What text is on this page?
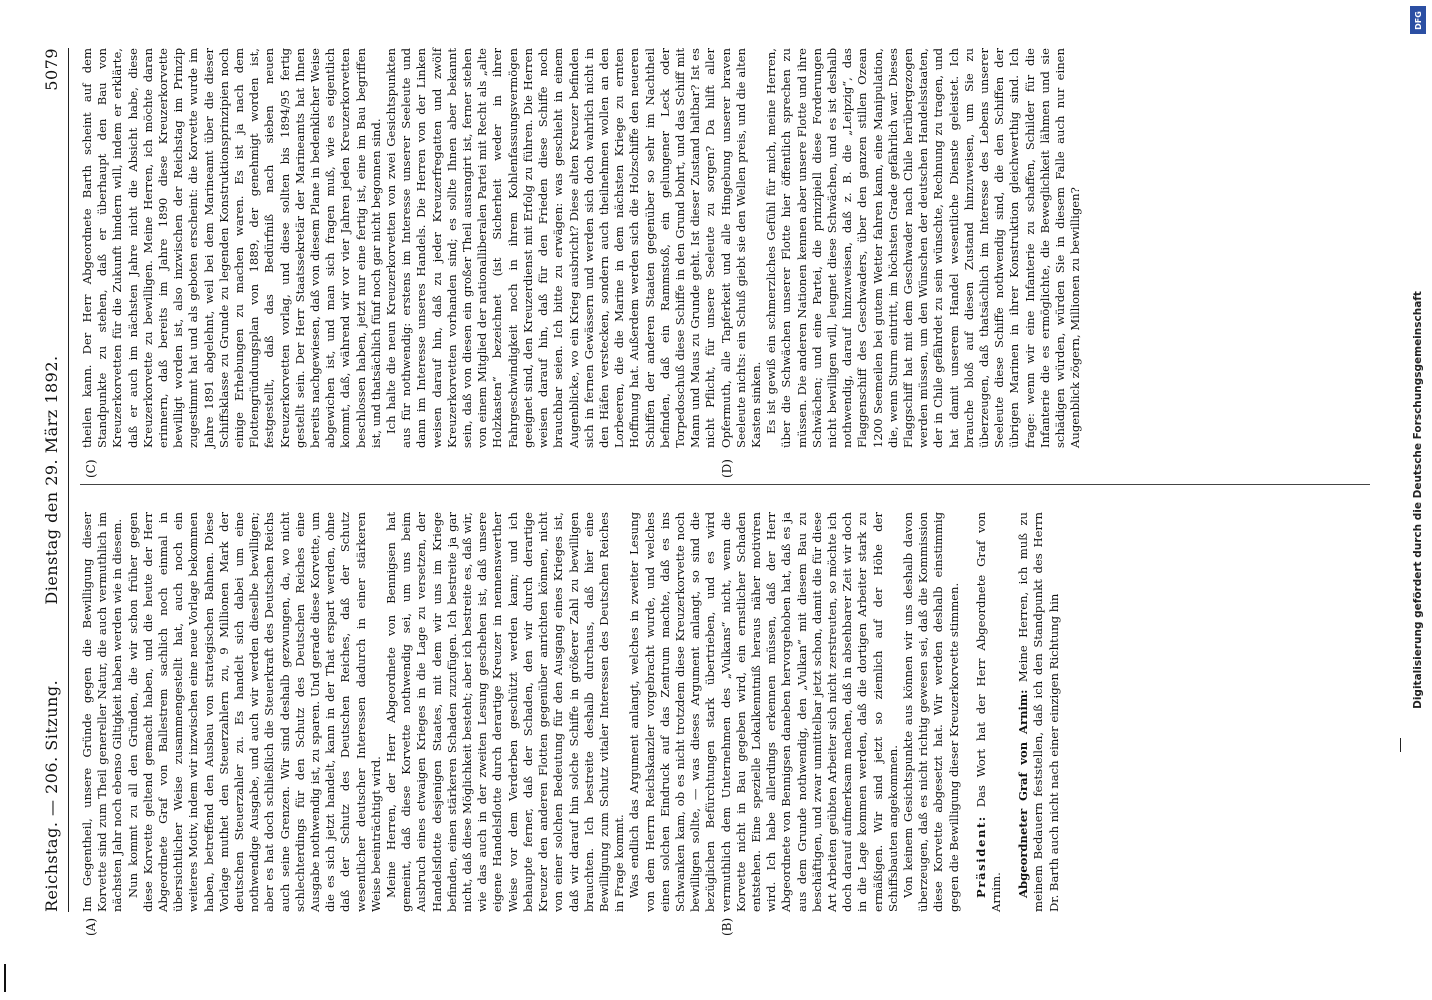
Reichstag. — 206. Sitzung.
Dienstag den 29. März 1892.
5079
(A)	(B)
(C)	(D)

Im Gegentheil, unsere Gründe gegen die Bewilligung dieser Korvette sind zum Theil genereller Natur, die auch vermuthlich im nächsten Jahr noch ebenso Giltigkeit haben werden wie in diesem. Nun kommt zu all den Gründen, die wir schon früher gegen diese Korvette geltend gemacht haben, und die heute der Herr Abgeordnete Graf von Ballestrem sachlich noch einmal in übersichtlicher Weise zusammengestellt hat, auch noch ein weiteres Motiv, indem wir inzwischen eine neue Vorlage bekommen haben, betreffend den Ausbau von strategischen Bahnen. Diese Vorlage muthet den Steuerzahlern zu, 9 Millionen Mark der deutschen Steuerzahler zu. Es handelt sich dabei um eine nothwendige Ausgabe, und auch wir werden dieselbe bewilligen; aber es hat doch schließlich die Steuerkraft des Deutschen Reichs auch seine Grenzen. Wir sind deshalb gezwungen, da, wo nicht schlechterdings für den Schutz des Deutschen Reiches eine Ausgabe nothwendig ist, zu sparen. Und gerade diese Korvette, um die es sich jetzt handelt, kann in der That erspart werden, ohne daß der Schutz des Deutschen Reiches, daß der Schutz wesentlicher deutscher Interessen dadurch in einer stärkeren Weise beeinträchtigt wird. Meine Herren, der Herr Abgeordnete von Bennigsen hat gemeint, daß diese Korvette nothwendig sei, um uns beim Ausbruch eines etwaigen Krieges in die Lage zu versetzen, der Handelsflotte desjenigen Staates, mit dem wir uns im Kriege befinden, einen stärkeren Schaden zuzufügen. Ich bestreite ja gar nicht, daß diese Möglichkeit besteht; aber ich bestreite es, daß wir, wie das auch in der zweiten Lesung geschehen ist, daß unsere eigene Handelsflotte durch derartige Kreuzer in nennenswerther Weise vor dem Verderben geschützt werden kann; und ich behaupte ferner, daß der Schaden, den wir durch derartige Kreuzer den anderen Flotten gegenüber anrichten können, nicht von einer solchen Bedeutung für den Ausgang eines Krieges ist, daß wir darauf hin solche Schiffe in größerer Zahl zu bewilligen brauchten. Ich bestreite deshalb durchaus, daß hier eine Bewilligung zum Schutz vitaler Interessen des Deutschen Reiches in Frage kommt. Was endlich das Argument anlangt, welches in zweiter Lesung von dem Herrn Reichskanzler vorgebracht wurde, und welches einen solchen Eindruck auf das Zentrum machte, daß es ins Schwanken kam, ob es nicht trotzdem diese Kreuzerkorvette noch bewilligen sollte, — was dieses Argument anlangt, so sind die bezüglichen Befürchtungen stark übertrieben, und es wird vermuthlich dem Unternehmen des „Vulkans“ nicht, wenn die Korvette nicht in Bau gegeben wird, ein ernstlicher Schaden entstehen. Eine spezielle Lokalkenntniß heraus näher motiviren wird. Ich habe allerdings erkennen müssen, daß der Herr Abgeordnete von Bennigsen daneben hervorgehoben hat, daß es ja aus dem Grunde nothwendig, den „Vulkan“ mit diesem Bau zu beschäftigen, und zwar unmittelbar jetzt schon, damit die für diese Art Arbeiten geübten Arbeiter sich nicht zerstreuten, so möchte ich doch darauf aufmerksam machen, daß in absehbarer Zeit wir doch in die Lage kommen werden, daß die dortigen Arbeiter stark zu ermäßigen. Wir sind jetzt so ziemlich auf der Höhe der Schiffsbauten angekommen. Von keinem Gesichtspunkte aus können wir uns deshalb davon überzeugen, daß es nicht richtig gewesen sei, daß die Kommission diese Korvette abgesetzt hat. Wir werden deshalb einstimmig gegen die Bewilligung dieser Kreuzerkorvette stimmen. Präsident: Das Wort hat der Herr Abgeordnete Graf von Arnim. Abgeordneter Graf von Arnim: Meine Herren, ich muß zu meinem Bedauern feststellen, daß ich den Standpunkt des Herrn Dr. Barth auch nicht nach einer einzigen Richtung hin

theilen kann. Der Herr Abgeordnete Barth scheint auf dem Standpunkte zu stehen, daß er überhaupt den Bau von Kreuzerkorvetten für die Zukunft hindern will, indem er erklärte, daß er auch im nächsten Jahre nicht die Absicht habe, diese Kreuzerkorvette zu bewilligen. Meine Herren, ich möchte daran erinnern, daß bereits im Jahre 1890 diese Kreuzerkorvette bewilligt worden ist, also inzwischen der Reichstag im Prinzip zugestimmt hat und als geboten erscheint: die Korvette wurde im Jahre 1891 abgelehnt, weil bei dem Marineamt über die dieser Schiffsklasse zu Grunde zu legenden Konstruktionsprinzipien noch einige Erhebungen zu machen waren. Es ist ja nach dem Flottengründungsplan von 1889, der genehmigt worden ist, festgestellt, daß das Bedürfniß nach sieben neuen Kreuzerkorvetten vorlag, und diese sollten bis 1894/95 fertig gestellt sein. Der Herr Staatssekretär der Marineamts hat Ihnen bereits nachgewiesen, daß von diesem Plane in bedenklicher Weise abgewichen ist, und man sich fragen muß, wie es eigentlich kommt, daß, während wir vor vier Jahren jeden Kreuzerkorvetten beschlossen haben, jetzt nur eine fertig ist, eine im Bau begriffen ist, und thatsächlich fünf noch gar nicht begonnen sind. Ich halte die neun Kreuzerkorvetten von zwei Gesichtspunkten aus für nothwendig: erstens im Interesse unserer Seeleute und dann im Interesse unseres Handels. Die Herren von der Linken weisen darauf hin, daß zu jeder Kreuzerfregatten und zwölf Kreuzerkorvetten vorhanden sind; es sollte Ihnen aber bekannt sein, daß von diesen ein großer Theil ausrangirt ist, ferner stehen von einem Mitglied der nationalliberalen Partei mit Recht als „alte Holzkasten“ bezeichnet (ist Sicherheit weder in ihrer Fahrgeschwindigkeit noch in ihrem Kohlenfassungsvermögen geeignet sind, den Kreuzerdienst mit Erfolg zu führen. Die Herren weisen darauf hin, daß für den Frieden diese Schiffe noch brauchbar seien. Ich bitte zu erwägen: was geschieht in einem Augenblicke, wo ein Krieg ausbricht? Diese alten Kreuzer befinden sich in fernen Gewässern und werden sich doch wahrlich nicht in den Häfen verstecken, sondern auch theilnehmen wollen an den Lorbeeren, die die Marine in dem nächsten Kriege zu ernten Hoffnung hat. Außerdem werden sich die Holzschiffe den neueren Schiffen der anderen Staaten gegenüber so sehr im Nachtheil befinden, daß ein Rammstoß, ein gelungener Leck oder Torpedoschuß diese Schiffe in den Grund bohrt, und das Schiff mit Mann und Maus zu Grunde geht. Ist dieser Zustand haltbar? Ist es nicht Pflicht, für unsere Seeleute zu sorgen? Da hilft aller Opfermuth, alle Tapferkeit und alle Hingebung unserer braven Seeleute nichts: ein Schuß giebt sie den Wellen preis, und die alten Kasten sinken. Es ist gewiß ein schmerzliches Gefühl für mich, meine Herren, über die Schwächen unserer Flotte hier öffentlich sprechen zu müssen. Die anderen Nationen kennen aber unsere Flotte und ihre Schwächen; und eine Partei, die prinzipiell diese Forderungen nicht bewilligen will, leugnet diese Schwächen, und es ist deshalb nothwendig, darauf hinzuweisen, daß z. B. die „Leipzig“, das Flaggenschiff des Geschwaders, über den ganzen stillen Ozean 1200 Seemeilen bei gutem Wetter fahren kann, eine Manipulation, die, wenn Sturm eintritt, im höchsten Grade gefährlich war. Dieses Flaggschiff hat mit dem Geschwader nach Chile herübergezogen werden müssen, um den Wünschen der deutschen Handelsstaaten, der in Chile gefährdet zu sein wünschte, Rechnung zu tragen, und hat damit unserem Handel wesentliche Dienste geleistet. Ich brauche bloß auf diesen Zustand hinzuweisen, um Sie zu überzeugen, daß thatsächlich im Interesse des Lebens unserer Seeleute diese Schiffe nothwendig sind, die den Schiffen der übrigen Marinen in ihrer Konstruktion gleichwerthig sind. Ich frage: wenn wir eine Infanterie zu schaffen, Schilder für die Infanterie die es ermöglichte, die Beweglichkeit lähmen und sie schädigen würden, würden Sie in diesem Falle auch nur einen Augenblick zögern, Millionen zu bewilligen?

DFG
Digitalisierung gefördert durch die Deutsche Forschungsgemeinschaft
